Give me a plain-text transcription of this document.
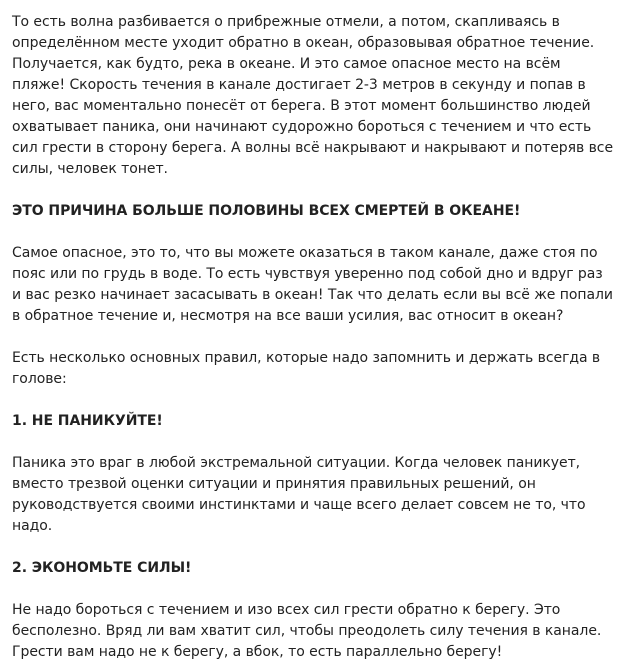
То есть волна разбивается о прибрежные отмели, а потом, скапливаясь в определённом месте уходит обратно в океан, образовывая обратное течение. Получается, как будто, река в океане. И это самое опасное место на всём пляже! Скорость течения в канале достигает 2-3 метров в секунду и попав в него, вас моментально понесёт от берега. В этот момент большинство людей охватывает паника, они начинают судорожно бороться с течением и что есть сил грести в сторону берега. А волны всё накрывают и накрывают и потеряв все силы, человек тонет.

ЭТО ПРИЧИНА БОЛЬШЕ ПОЛОВИНЫ ВСЕХ СМЕРТЕЙ В ОКЕАНЕ!

Самое опасное, это то, что вы можете оказаться в таком канале, даже стоя по пояс или по грудь в воде. То есть чувствуя уверенно под собой дно и вдруг раз и вас резко начинает засасывать в океан! Так что делать если вы всё же попали в обратное течение и, несмотря на все ваши усилия, вас относит в океан?

Есть несколько основных правил, которые надо запомнить и держать всегда в голове:

1. НЕ ПАНИКУЙТЕ!

Паника это враг в любой экстремальной ситуации. Когда человек паникует, вместо трезвой оценки ситуации и принятия правильных решений, он руководствуется своими инстинктами и чаще всего делает совсем не то, что надо.

2. ЭКОНОМЬТЕ СИЛЫ!

Не надо бороться с течением и изо всех сил грести обратно к берегу. Это бесполезно. Вряд ли вам хватит сил, чтобы преодолеть силу течения в канале. Грести вам надо не к берегу, а вбок, то есть параллельно берегу!
